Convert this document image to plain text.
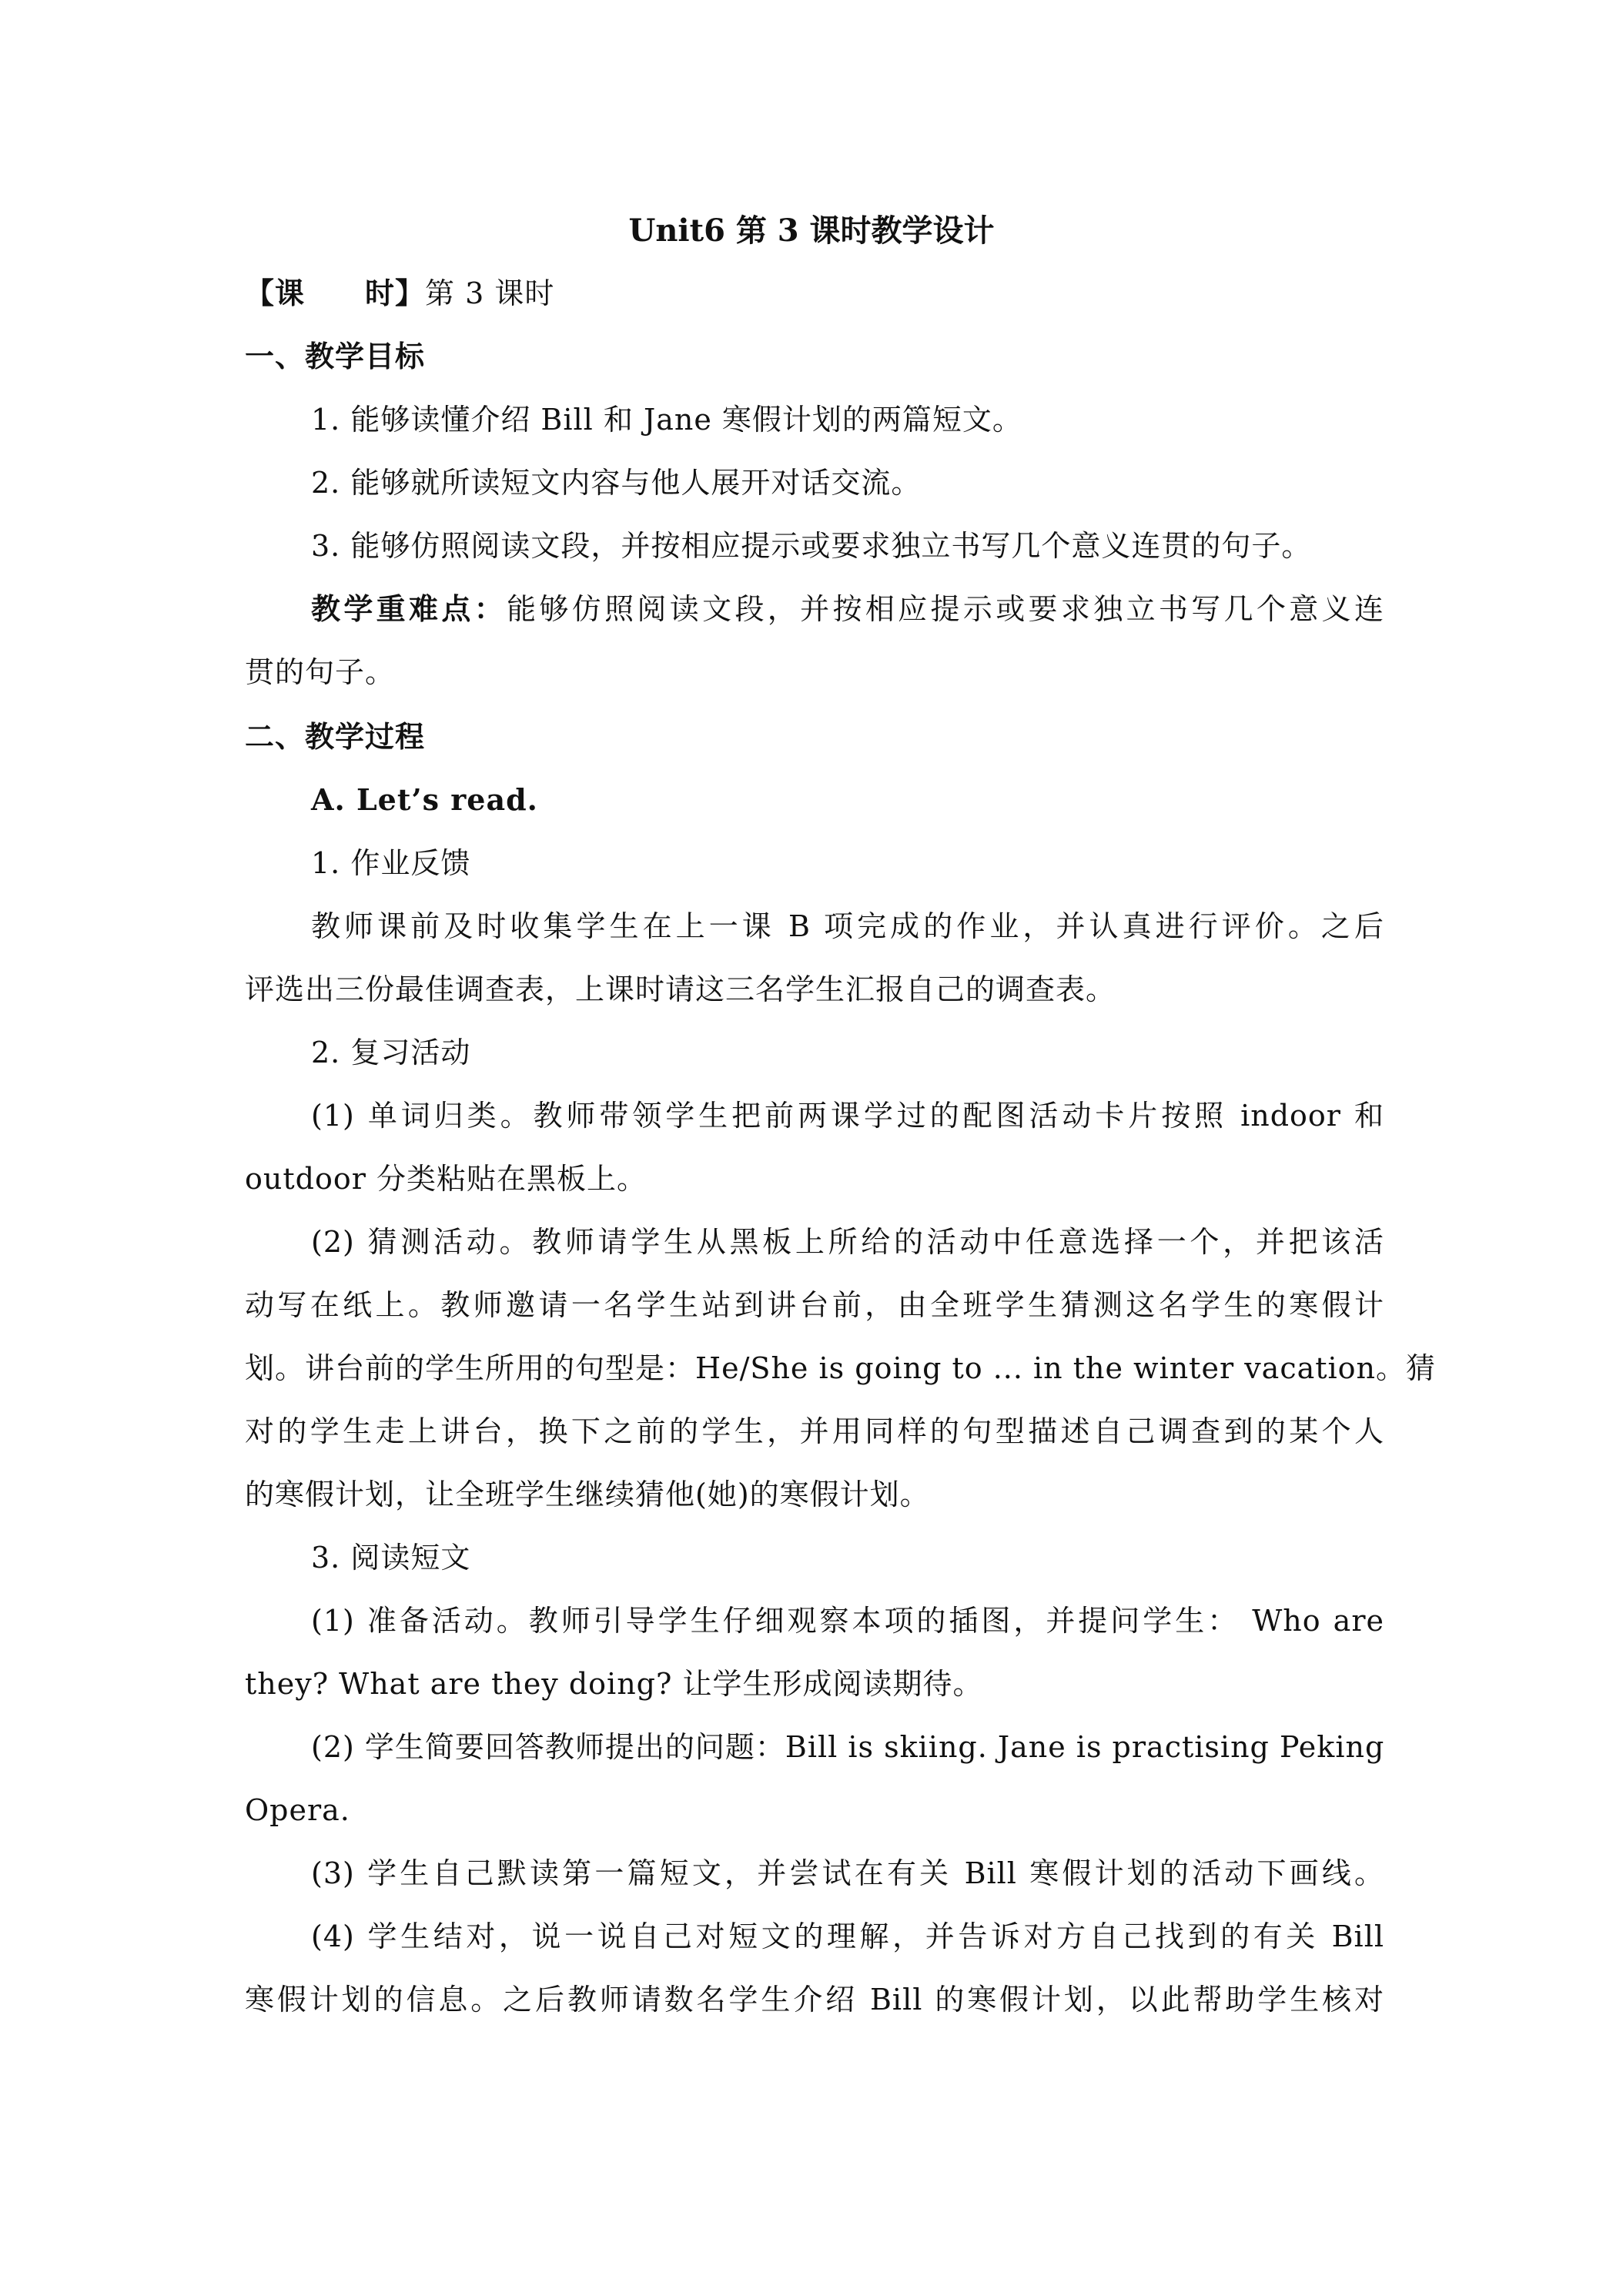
Unit6 第 3 课时教学设计
【课　　时】第 3 课时
一、教学目标
1. 能够读懂介绍 Bill 和 Jane 寒假计划的两篇短文。
2. 能够就所读短文内容与他人展开对话交流。
3. 能够仿照阅读文段，并按相应提示或要求独立书写几个意义连贯的句子。
教学重难点：能够仿照阅读文段，并按相应提示或要求独立书写几个意义连
贯的句子。
二、教学过程
A. Let’s read.
1. 作业反馈
教师课前及时收集学生在上一课 B 项完成的作业，并认真进行评价。之后
评选出三份最佳调查表，上课时请这三名学生汇报自己的调查表。
2. 复习活动
(1) 单词归类。教师带领学生把前两课学过的配图活动卡片按照 indoor 和
outdoor 分类粘贴在黑板上。
(2) 猜测活动。教师请学生从黑板上所给的活动中任意选择一个，并把该活
动写在纸上。教师邀请一名学生站到讲台前，由全班学生猜测这名学生的寒假计
划。讲台前的学生所用的句型是：He/She is going to ... in the winter vacation。猜
对的学生走上讲台，换下之前的学生，并用同样的句型描述自己调查到的某个人
的寒假计划，让全班学生继续猜他(她)的寒假计划。
3. 阅读短文
(1) 准备活动。教师引导学生仔细观察本项的插图，并提问学生： Who are
they? What are they doing? 让学生形成阅读期待。
(2) 学生简要回答教师提出的问题：Bill is skiing. Jane is practising Peking
Opera.
(3) 学生自己默读第一篇短文，并尝试在有关 Bill 寒假计划的活动下画线。
(4) 学生结对，说一说自己对短文的理解，并告诉对方自己找到的有关 Bill
寒假计划的信息。之后教师请数名学生介绍 Bill 的寒假计划，以此帮助学生核对
